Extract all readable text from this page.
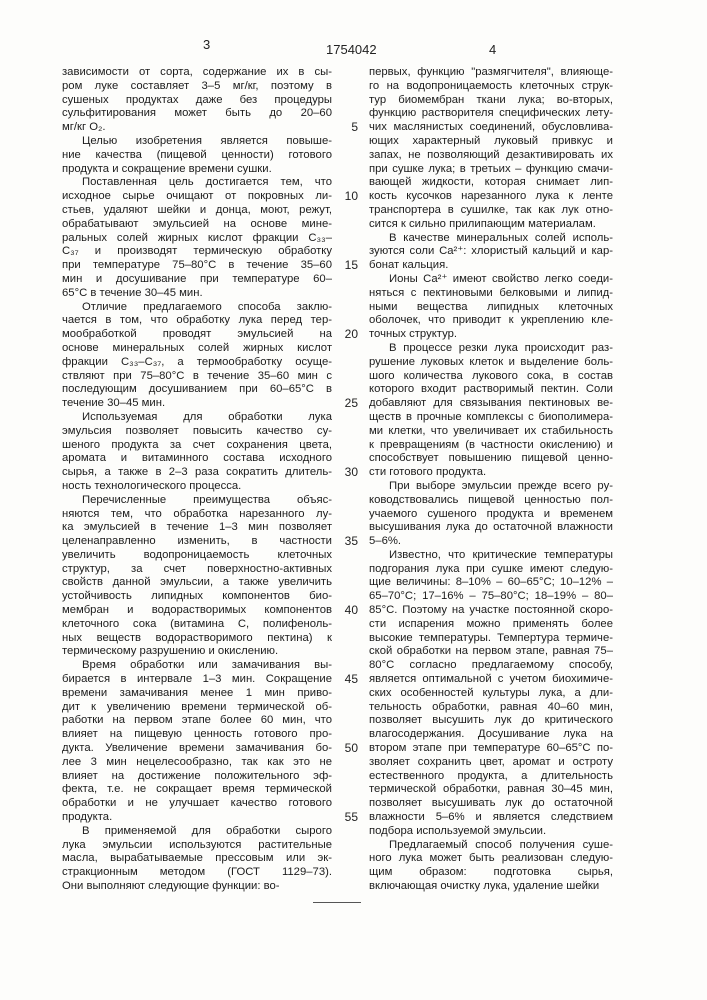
3	1754042	4
зависимости от сорта, содержание их в сы-
ром луке составляет 3–5 мг/кг, поэтому в
сушеных продуктах даже без процедуры
сульфитирования может быть до 20–60
мг/кг O₂.
Целью изобретения является повыше-
ние качества (пищевой ценности) готового
продукта и сокращение времени сушки.
Поставленная цель достигается тем, что
исходное сырье очищают от покровных ли-
стьев, удаляют шейки и донца, моют, режут,
обрабатывают эмульсией на основе мине-
ральных солей жирных кислот фракции C₃₃–
C₃₇ и производят термическую обработку
при температуре 75–80°С в течение 35–60
мин и досушивание при температуре 60–
65°С в течение 30–45 мин.
Отличие предлагаемого способа заклю-
чается в том, что обработку лука перед тер-
мообработкой проводят эмульсией на
основе минеральных солей жирных кислот
фракции C₃₃–C₃₇, а термообработку осуще-
ствляют при 75–80°С в течение 35–60 мин с
последующим досушиванием при 60–65°С в
течение 30–45 мин.
Используемая для обработки лука
эмульсия позволяет повысить качество су-
шеного продукта за счет сохранения цвета,
аромата и витаминного состава исходного
сырья, а также в 2–3 раза сократить длитель-
ность технологического процесса.
Перечисленные преимущества объяс-
няются тем, что обработка нарезанного лу-
ка эмульсией в течение 1–3 мин позволяет
целенаправленно изменить, в частности
увеличить водопроницаемость клеточных
структур, за счет поверхностно-активных
свойств данной эмульсии, а также увеличить
устойчивость липидных компонентов био-
мембран и водорастворимых компонентов
клеточного сока (витамина С, полифеноль-
ных веществ водорастворимого пектина) к
термическому разрушению и окислению.
Время обработки или замачивания вы-
бирается в интервале 1–3 мин. Сокращение
времени замачивания менее 1 мин приво-
дит к увеличению времени термической об-
работки на первом этапе более 60 мин, что
влияет на пищевую ценность готового про-
дукта. Увеличение времени замачивания бо-
лее 3 мин нецелесообразно, так как это не
влияет на достижение положительного эф-
фекта, т.е. не сокращает время термической
обработки и не улучшает качество готового
продукта.
В применяемой для обработки сырого
лука эмульсии используются растительные
масла, вырабатываемые прессовым или эк-
стракционным методом (ГОСТ 1129–73).
Они выполняют следующие функции: во-
5
10
15
20
25
30
35
40
45
50
55
первых, функцию "размягчителя", влияюще-
го на водопроницаемость клеточных струк-
тур биомембран ткани лука; во-вторых,
функцию растворителя специфических лету-
чих маслянистых соединений, обусловлива-
ющих характерный луковый привкус и
запах, не позволяющий дезактивировать их
при сушке лука; в третьих – функцию смачи-
вающей жидкости, которая снимает лип-
кость кусочков нарезанного лука к ленте
транспортера в сушилке, так как лук отно-
сится к сильно прилипающим материалам.
В качестве минеральных солей исполь-
зуются соли Ca²⁺: хлористый кальций и кар-
бонат кальция.
Ионы Ca²⁺ имеют свойство легко соеди-
няться с пектиновыми белковыми и липид-
ными вещества липидных клеточных
оболочек, что приводит к укреплению кле-
точных структур.
В процессе резки лука происходит раз-
рушение луковых клеток и выделение боль-
шого количества лукового сока, в состав
которого входит растворимый пектин. Соли
добавляют для связывания пектиновых ве-
ществ в прочные комплексы с биополимера-
ми клетки, что увеличивает их стабильность
к превращениям (в частности окислению) и
способствует повышению пищевой ценно-
сти готового продукта.
При выборе эмульсии прежде всего ру-
ководствовались пищевой ценностью пол-
учаемого сушеного продукта и временем
высушивания лука до остаточной влажности
5–6%.
Известно, что критические температуры
подгорания лука при сушке имеют следую-
щие величины: 8–10% – 60–65°С; 10–12% –
65–70°С; 17–16% – 75–80°С; 18–19% – 80–
85°С. Поэтому на участке постоянной скоро-
сти испарения можно применять более
высокие температуры. Темпертура термиче-
ской обработки на первом этапе, равная 75–
80°С согласно предлагаемому способу,
является оптимальной с учетом биохимиче-
ских особенностей культуры лука, а дли-
тельность обработки, равная 40–60 мин,
позволяет высушить лук до критического
влагосодержания. Досушивание лука на
втором этапе при температуре 60–65°С по-
зволяет сохранить цвет, аромат и остроту
естественного продукта, а длительность
термической обработки, равная 30–45 мин,
позволяет высушивать лук до остаточной
влажности 5–6% и является следствием
подбора используемой эмульсии.
Предлагаемый способ получения суше-
ного лука может быть реализован следую-
щим образом: подготовка сырья,
включающая очистку лука, удаление шейки
